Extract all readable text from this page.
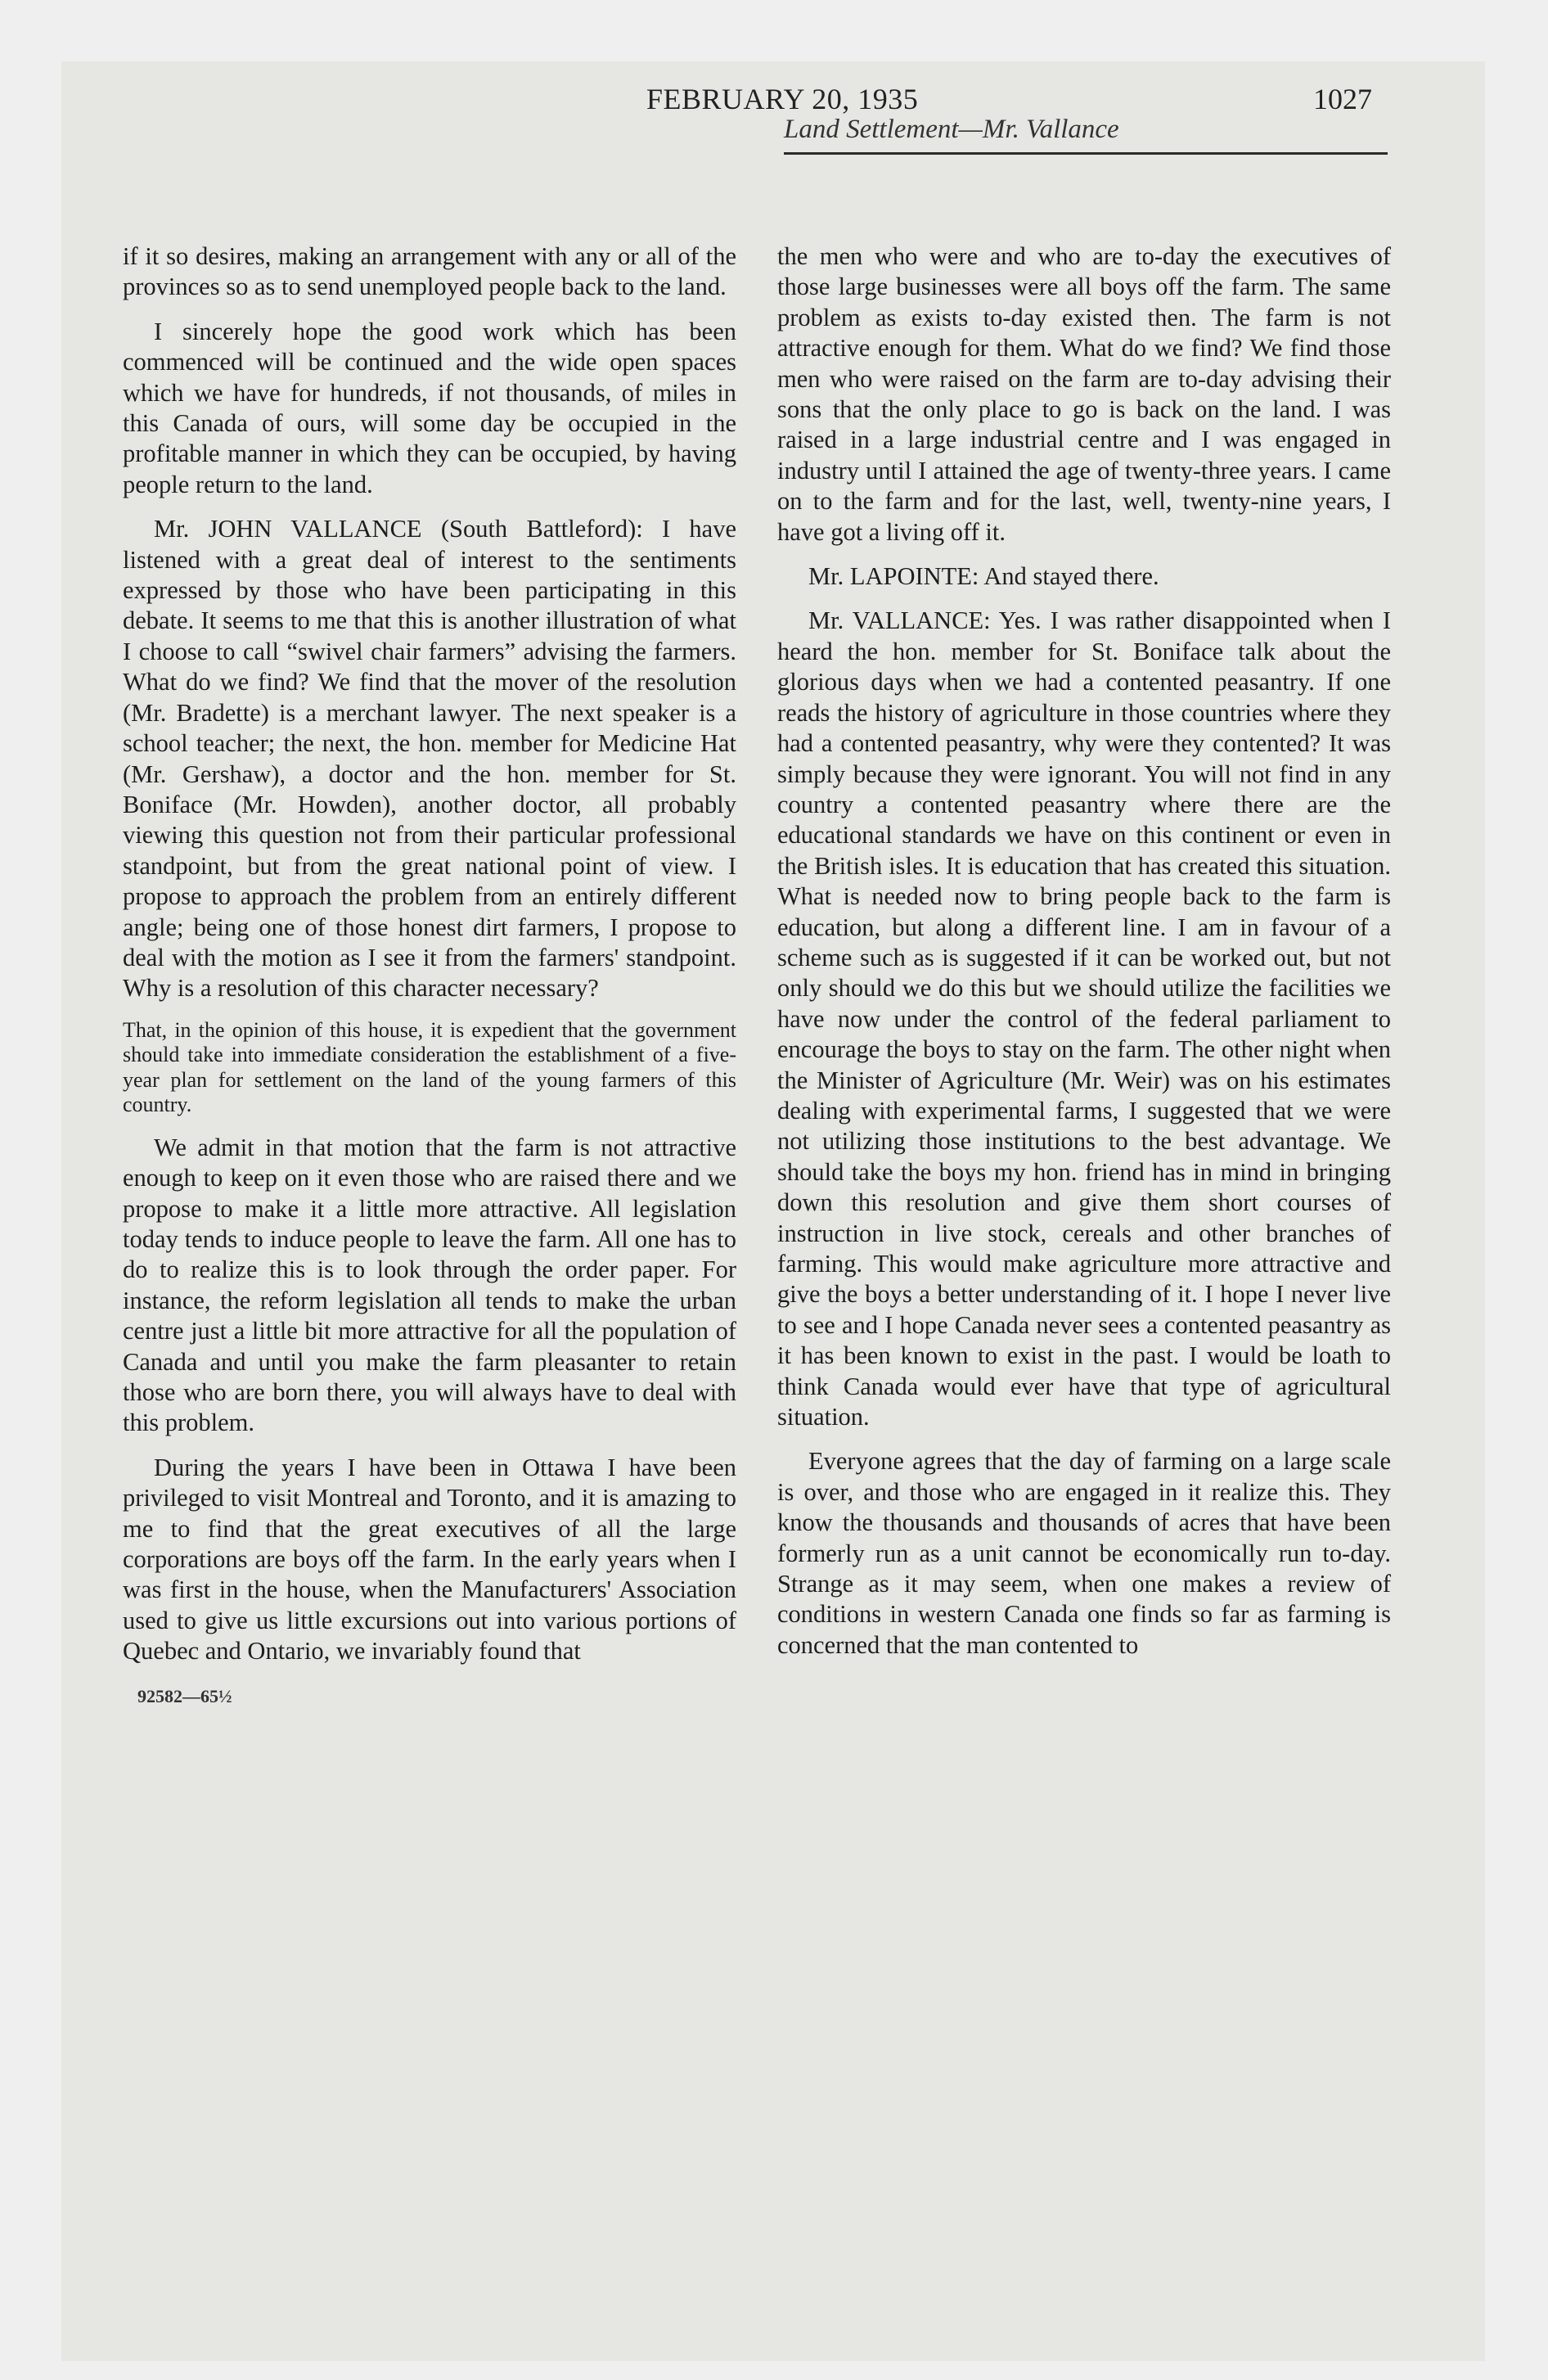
FEBRUARY 20, 1935	1027
Land Settlement—Mr. Vallance

if it so desires, making an arrangement with any or all of the provinces so as to send unemployed people back to the land.

I sincerely hope the good work which has been commenced will be continued and the wide open spaces which we have for hundreds, if not thousands, of miles in this Canada of ours, will some day be occupied in the profitable manner in which they can be occupied, by having people return to the land.

Mr. JOHN VALLANCE (South Battleford): I have listened with a great deal of interest to the sentiments expressed by those who have been participating in this debate. It seems to me that this is another illustration of what I choose to call “swivel chair farmers” advising the farmers. What do we find? We find that the mover of the resolution (Mr. Bradette) is a merchant lawyer. The next speaker is a school teacher; the next, the hon. member for Medicine Hat (Mr. Gershaw), a doctor and the hon. member for St. Boniface (Mr. Howden), another doctor, all probably viewing this question not from their particular professional standpoint, but from the great national point of view. I propose to approach the problem from an entirely different angle; being one of those honest dirt farmers, I propose to deal with the motion as I see it from the farmers' standpoint. Why is a resolution of this character necessary?

That, in the opinion of this house, it is expedient that the government should take into immediate consideration the establishment of a five-year plan for settlement on the land of the young farmers of this country.

We admit in that motion that the farm is not attractive enough to keep on it even those who are raised there and we propose to make it a little more attractive. All legislation today tends to induce people to leave the farm. All one has to do to realize this is to look through the order paper. For instance, the reform legislation all tends to make the urban centre just a little bit more attractive for all the population of Canada and until you make the farm pleasanter to retain those who are born there, you will always have to deal with this problem.

During the years I have been in Ottawa I have been privileged to visit Montreal and Toronto, and it is amazing to me to find that the great executives of all the large corporations are boys off the farm. In the early years when I was first in the house, when the Manufacturers' Association used to give us little excursions out into various portions of Quebec and Ontario, we invariably found that

92582—65½

the men who were and who are to-day the executives of those large businesses were all boys off the farm. The same problem as exists to-day existed then. The farm is not attractive enough for them. What do we find? We find those men who were raised on the farm are to-day advising their sons that the only place to go is back on the land. I was raised in a large industrial centre and I was engaged in industry until I attained the age of twenty-three years. I came on to the farm and for the last, well, twenty-nine years, I have got a living off it.

Mr. LAPOINTE: And stayed there.

Mr. VALLANCE: Yes. I was rather disappointed when I heard the hon. member for St. Boniface talk about the glorious days when we had a contented peasantry. If one reads the history of agriculture in those countries where they had a contented peasantry, why were they contented? It was simply because they were ignorant. You will not find in any country a contented peasantry where there are the educational standards we have on this continent or even in the British isles. It is education that has created this situation. What is needed now to bring people back to the farm is education, but along a different line. I am in favour of a scheme such as is suggested if it can be worked out, but not only should we do this but we should utilize the facilities we have now under the control of the federal parliament to encourage the boys to stay on the farm. The other night when the Minister of Agriculture (Mr. Weir) was on his estimates dealing with experimental farms, I suggested that we were not utilizing those institutions to the best advantage. We should take the boys my hon. friend has in mind in bringing down this resolution and give them short courses of instruction in live stock, cereals and other branches of farming. This would make agriculture more attractive and give the boys a better understanding of it. I hope I never live to see and I hope Canada never sees a contented peasantry as it has been known to exist in the past. I would be loath to think Canada would ever have that type of agricultural situation.

Everyone agrees that the day of farming on a large scale is over, and those who are engaged in it realize this. They know the thousands and thousands of acres that have been formerly run as a unit cannot be economically run to-day. Strange as it may seem, when one makes a review of conditions in western Canada one finds so far as farming is concerned that the man contented to
